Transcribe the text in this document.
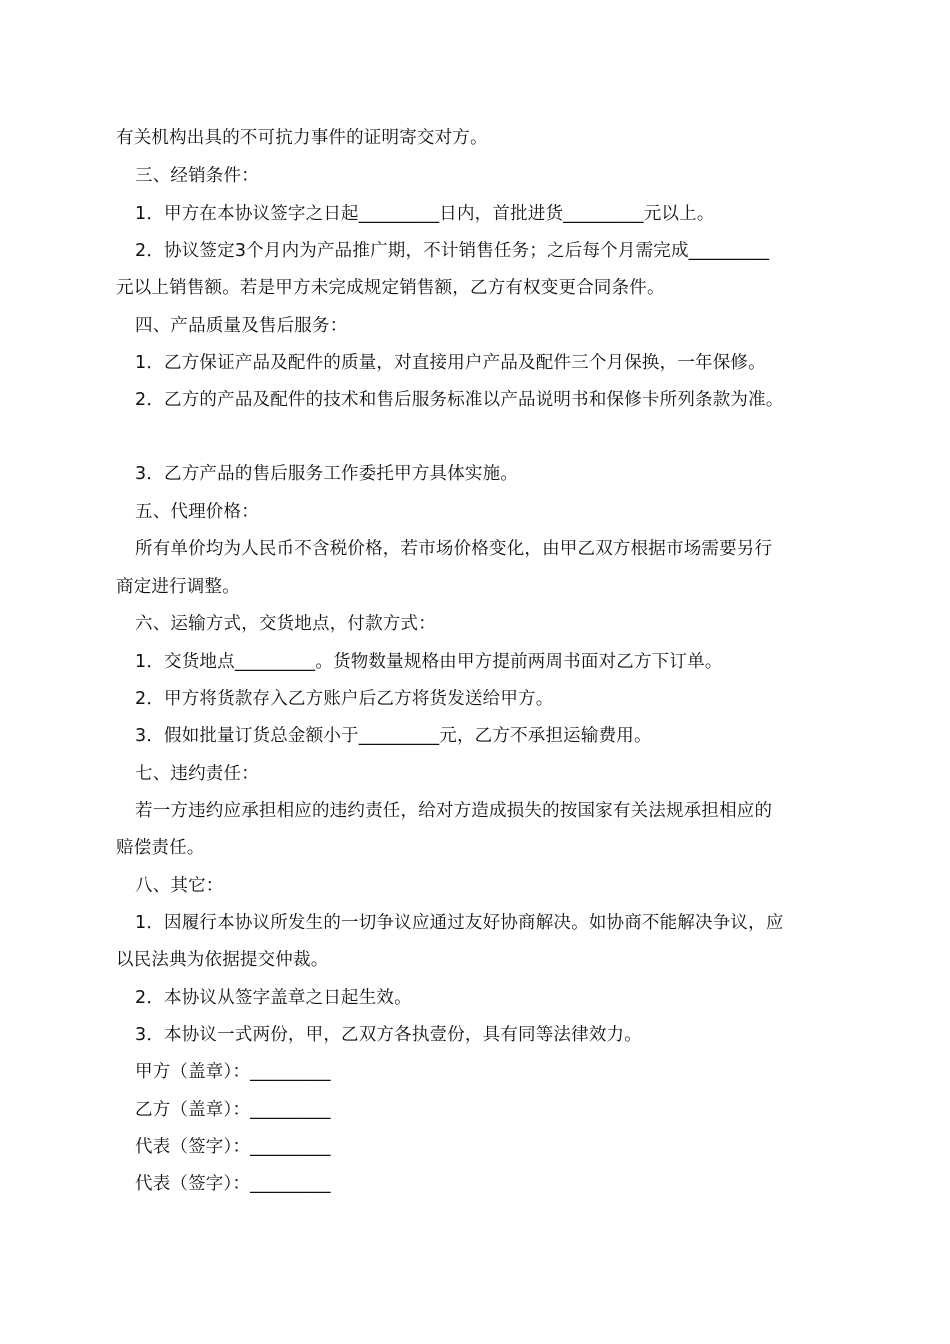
有关机构出具的不可抗力事件的证明寄交对方。
三、经销条件：
1．甲方在本协议签字之日起_________日内，首批进货_________元以上。
2．协议签定3个月内为产品推广期，不计销售任务；之后每个月需完成_________
元以上销售额。若是甲方未完成规定销售额，乙方有权变更合同条件。
四、产品质量及售后服务：
1．乙方保证产品及配件的质量，对直接用户产品及配件三个月保换，一年保修。
2．乙方的产品及配件的技术和售后服务标准以产品说明书和保修卡所列条款为准。
3．乙方产品的售后服务工作委托甲方具体实施。
五、代理价格：
所有单价均为人民币不含税价格，若市场价格变化，由甲乙双方根据市场需要另行
商定进行调整。
六、运输方式，交货地点，付款方式：
1．交货地点_________。货物数量规格由甲方提前两周书面对乙方下订单。
2．甲方将货款存入乙方账户后乙方将货发送给甲方。
3．假如批量订货总金额小于_________元，乙方不承担运输费用。
七、违约责任：
若一方违约应承担相应的违约责任，给对方造成损失的按国家有关法规承担相应的
赔偿责任。
八、其它：
1．因履行本协议所发生的一切争议应通过友好协商解决。如协商不能解决争议，应
以民法典为依据提交仲裁。
2．本协议从签字盖章之日起生效。
3．本协议一式两份，甲，乙双方各执壹份，具有同等法律效力。
甲方（盖章）：_________
乙方（盖章）：_________
代表（签字）：_________
代表（签字）：_________
